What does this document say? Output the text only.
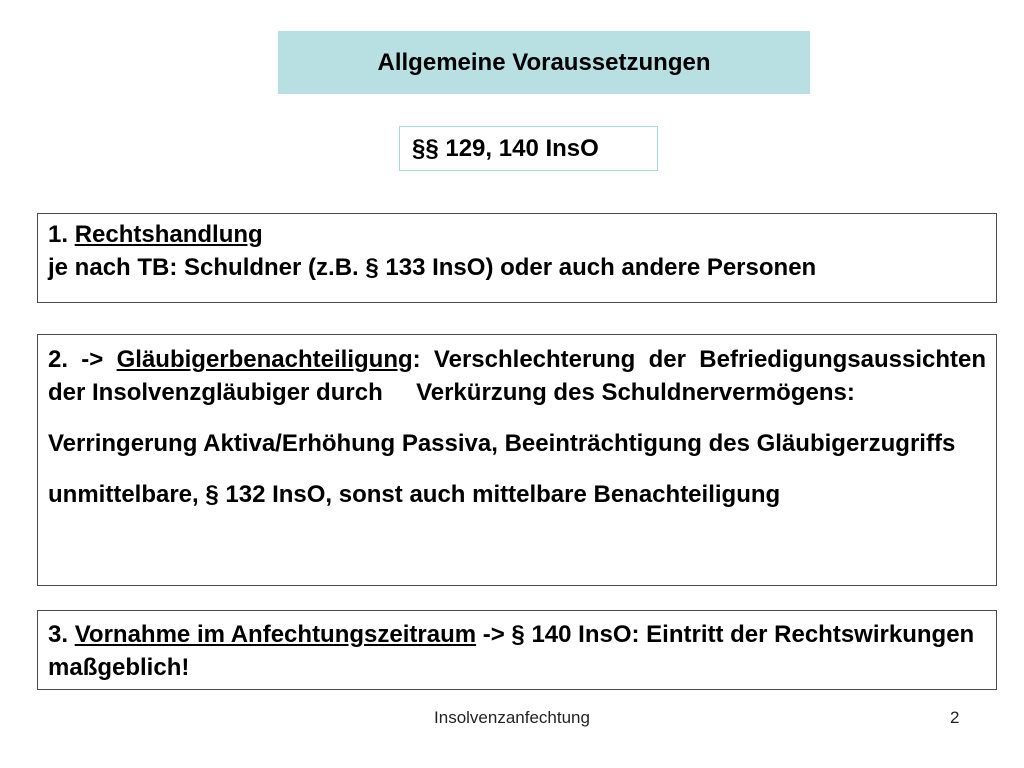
Allgemeine Voraussetzungen
§§ 129, 140 InsO

1. Rechtshandlung

je nach TB: Schuldner (z.B. § 133 InsO) oder auch andere Personen

2. -> Gläubigerbenachteiligung: Verschlechterung der Befriedigungsaussichten der Insolvenzgläubiger durch     Verkürzung des Schuldnervermögens:

Verringerung Aktiva/Erhöhung Passiva, Beeinträchtigung des Gläubigerzugriffs

unmittelbare, § 132 InsO, sonst auch mittelbare Benachteiligung

3. Vornahme im Anfechtungszeitraum -> § 140 InsO: Eintritt der Rechtswirkungen maßgeblich!

Insolvenzanfechtung	2
